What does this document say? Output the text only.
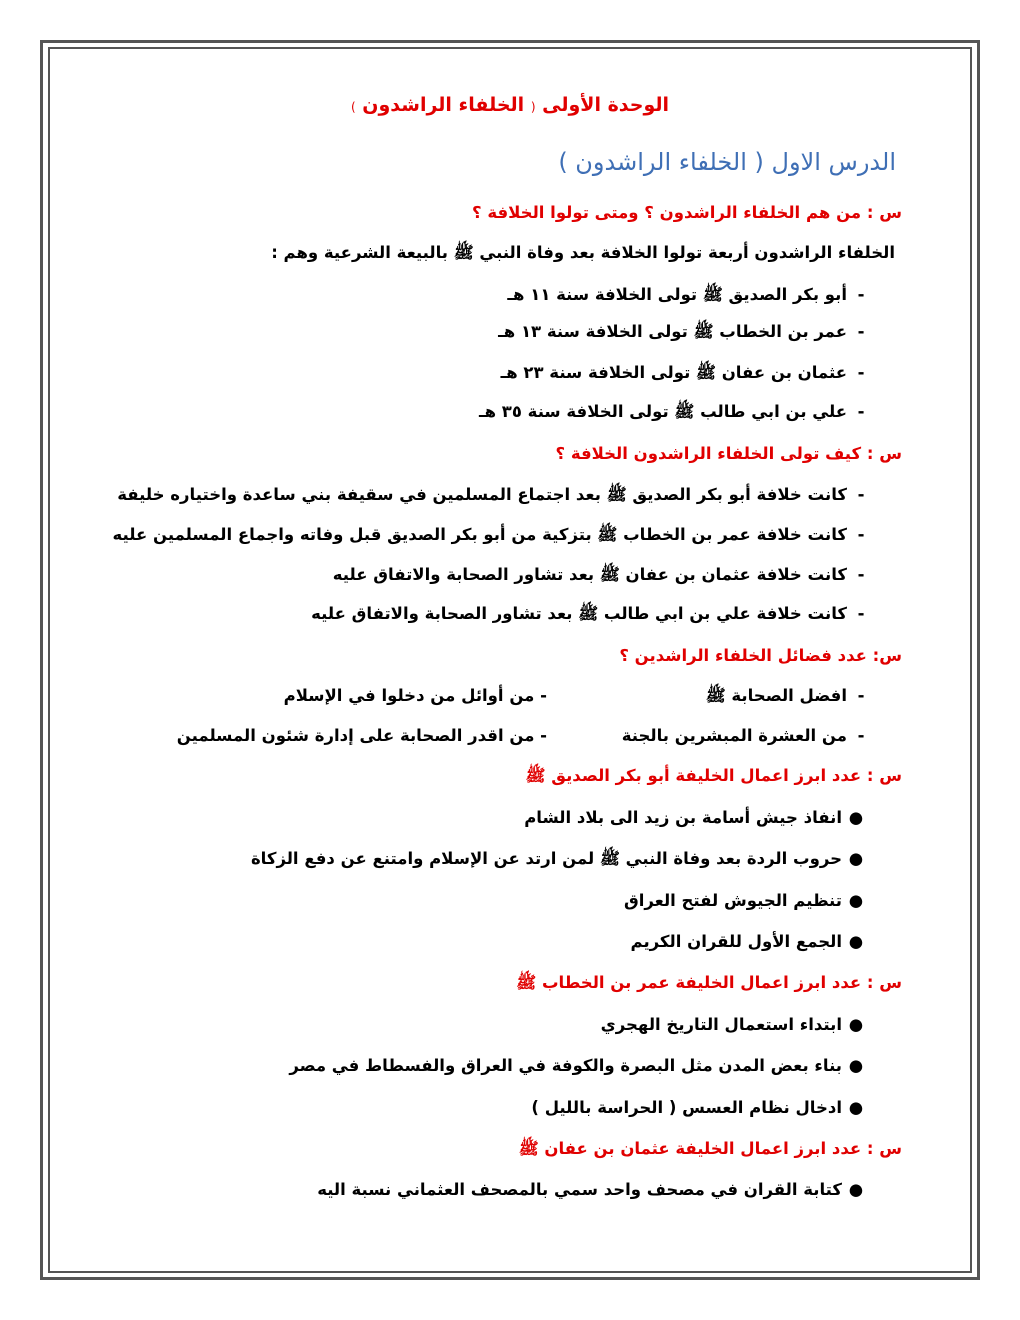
الوحدة الأولى ( الخلفاء الراشدون )
الدرس الاول ( الخلفاء الراشدون )
س : من هم الخلفاء الراشدون ؟ ومتى تولوا الخلافة ؟
الخلفاء الراشدون أربعة تولوا الخلافة بعد وفاة النبي ﷺ بالبيعة الشرعية وهم :
-أبو بكر الصديق ﷺ تولى الخلافة سنة ١١ هـ
-عمر بن الخطاب ﷺ تولى الخلافة سنة ١٣ هـ
-عثمان بن عفان ﷺ تولى الخلافة سنة ٢٣ هـ
-علي بن ابي طالب ﷺ تولى الخلافة سنة ٣٥ هـ
س : كيف تولى الخلفاء الراشدون الخلافة ؟
-كانت خلافة أبو بكر الصديق ﷺ بعد اجتماع المسلمين في سقيفة بني ساعدة واختياره خليفة
-كانت خلافة عمر بن الخطاب ﷺ بتزكية من أبو بكر الصديق قبل وفاته واجماع المسلمين عليه
-كانت خلافة عثمان بن عفان ﷺ بعد تشاور الصحابة والاتفاق عليه
-كانت خلافة علي بن ابي طالب ﷺ بعد تشاور الصحابة والاتفاق عليه
س: عدد فضائل الخلفاء الراشدين ؟
-افضل الصحابة ﷺ
- من أوائل من دخلوا في الإسلام
-من العشرة المبشرين بالجنة
- من اقدر الصحابة على إدارة شئون المسلمين
س : عدد ابرز اعمال الخليفة أبو بكر الصديق ﷺ
●انفاذ جيش أسامة بن زيد الى بلاد الشام
●حروب الردة بعد وفاة النبي ﷺ لمن ارتد عن الإسلام وامتنع عن دفع الزكاة
●تنظيم الجيوش لفتح العراق
●الجمع الأول للقران الكريم
س : عدد ابرز اعمال الخليفة عمر بن الخطاب ﷺ
●ابتداء استعمال التاريخ الهجري
●بناء بعض المدن مثل البصرة والكوفة في العراق والفسطاط في مصر
●ادخال نظام العسس ( الحراسة بالليل )
س : عدد ابرز اعمال الخليفة عثمان بن عفان ﷺ
●كتابة القران في مصحف واحد سمي بالمصحف العثماني نسبة اليه
